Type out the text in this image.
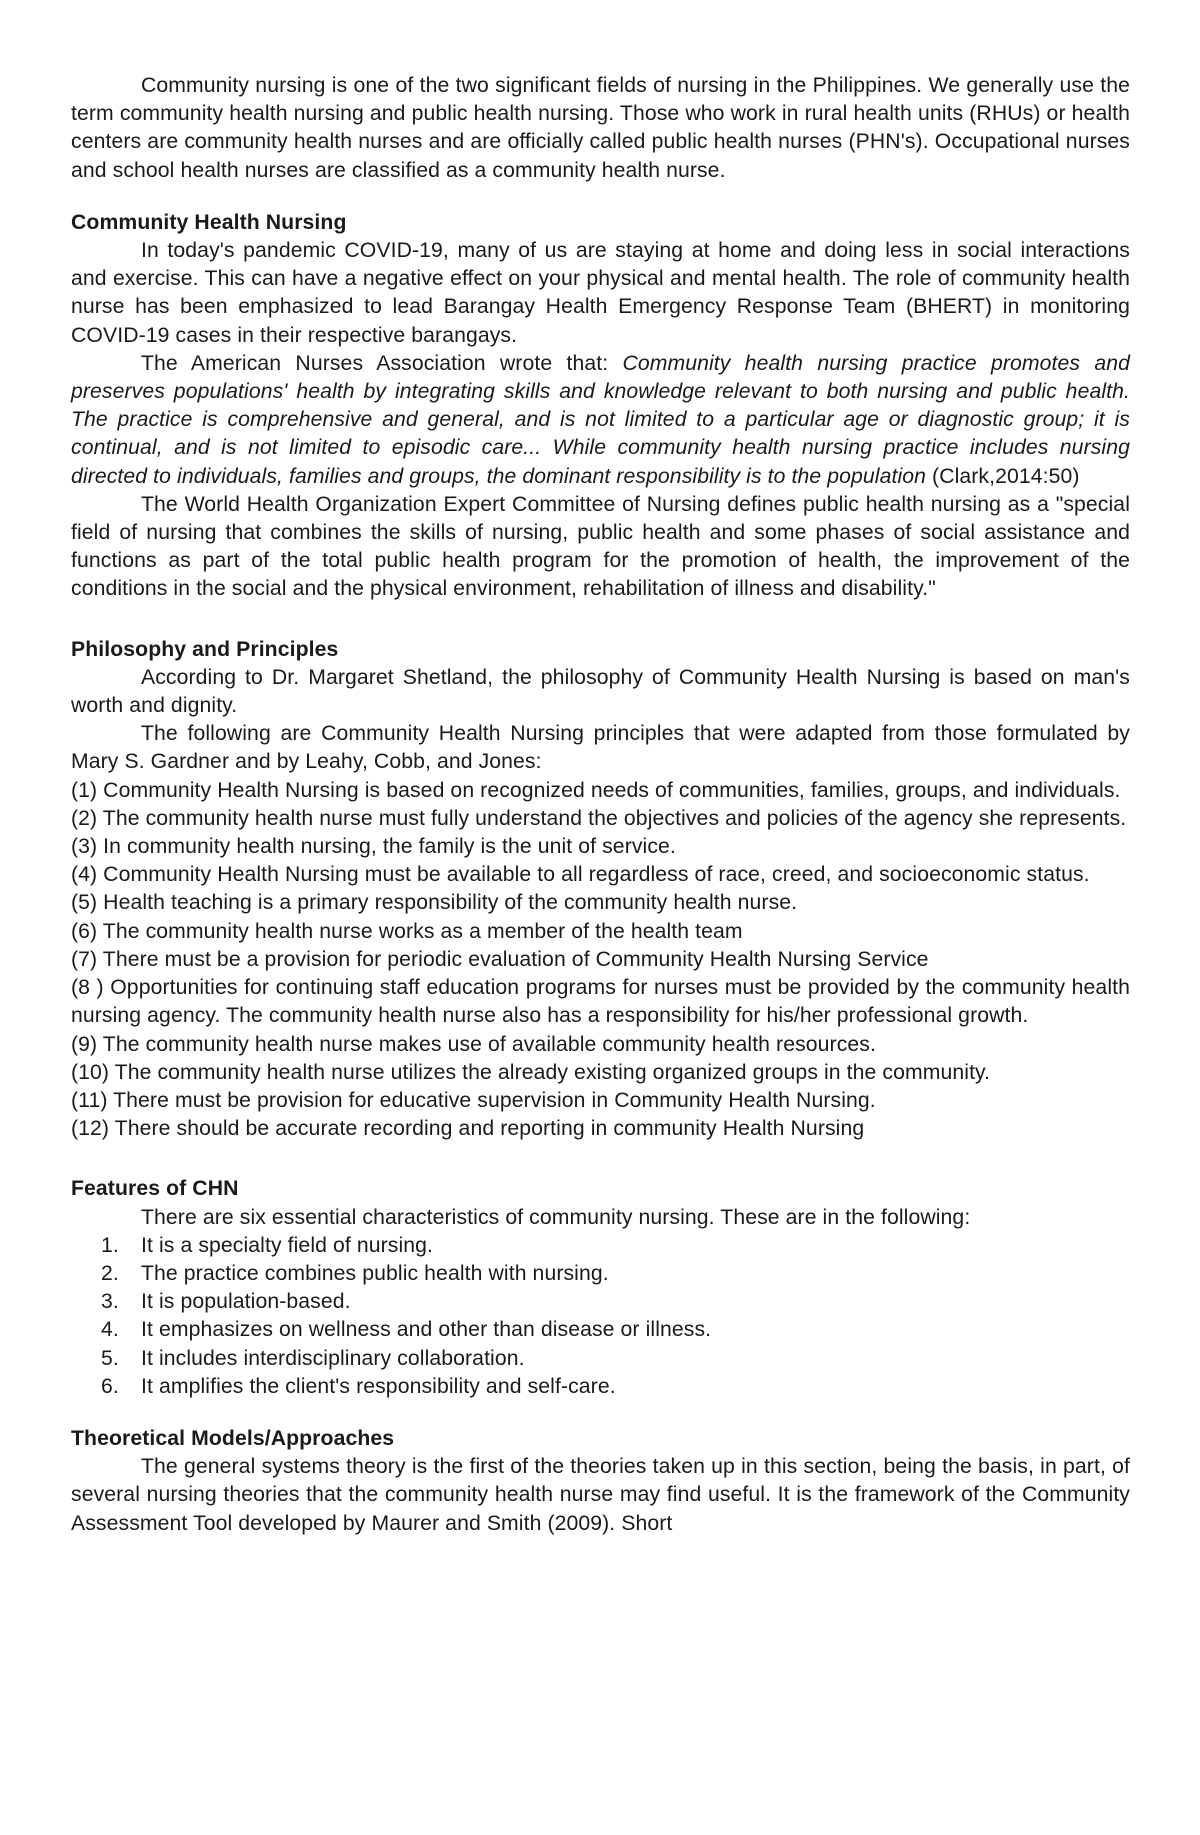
Community nursing is one of the two significant fields of nursing in the Philippines. We generally use the term community health nursing and public health nursing. Those who work in rural health units (RHUs) or health centers are community health nurses and are officially called public health nurses (PHN's). Occupational nurses and school health nurses are classified as a community health nurse.

Community Health Nursing

In today's pandemic COVID-19, many of us are staying at home and doing less in social interactions and exercise. This can have a negative effect on your physical and mental health. The role of community health nurse has been emphasized to lead Barangay Health Emergency Response Team (BHERT) in monitoring COVID-19 cases in their respective barangays.

The American Nurses Association wrote that: Community health nursing practice promotes and preserves populations' health by integrating skills and knowledge relevant to both nursing and public health. The practice is comprehensive and general, and is not limited to a particular age or diagnostic group; it is continual, and is not limited to episodic care... While community health nursing practice includes nursing directed to individuals, families and groups, the dominant responsibility is to the population (Clark,2014:50)

The World Health Organization Expert Committee of Nursing defines public health nursing as a "special field of nursing that combines the skills of nursing, public health and some phases of social assistance and functions as part of the total public health program for the promotion of health, the improvement of the conditions in the social and the physical environment, rehabilitation of illness and disability."

Philosophy and Principles

According to Dr. Margaret Shetland, the philosophy of Community Health Nursing is based on man's worth and dignity.

The following are Community Health Nursing principles that were adapted from those formulated by Mary S. Gardner and by Leahy, Cobb, and Jones:

(1) Community Health Nursing is based on recognized needs of communities, families, groups, and individuals.
(2) The community health nurse must fully understand the objectives and policies of the agency she represents.
(3) In community health nursing, the family is the unit of service.
(4) Community Health Nursing must be available to all regardless of race, creed, and socioeconomic status.
(5) Health teaching is a primary responsibility of the community health nurse.
(6) The community health nurse works as a member of the health team
(7) There must be a provision for periodic evaluation of Community Health Nursing Service
(8 ) Opportunities for continuing staff education programs for nurses must be provided by the community health nursing agency. The community health nurse also has a responsibility for his/her professional growth.
(9) The community health nurse makes use of available community health resources.
(10) The community health nurse utilizes the already existing organized groups in the community.
(11) There must be provision for educative supervision in Community Health Nursing.
(12) There should be accurate recording and reporting in community Health Nursing

Features of CHN

There are six essential characteristics of community nursing. These are in the following:

1.	It is a specialty field of nursing.
2.	The practice combines public health with nursing.
3.	It is population-based.
4.	It emphasizes on wellness and other than disease or illness.
5.	It includes interdisciplinary collaboration.
6.	It amplifies the client's responsibility and self-care.

Theoretical Models/Approaches

The general systems theory is the first of the theories taken up in this section, being the basis, in part, of several nursing theories that the community health nurse may find useful. It is the framework of the Community Assessment Tool developed by Maurer and Smith (2009). Short
